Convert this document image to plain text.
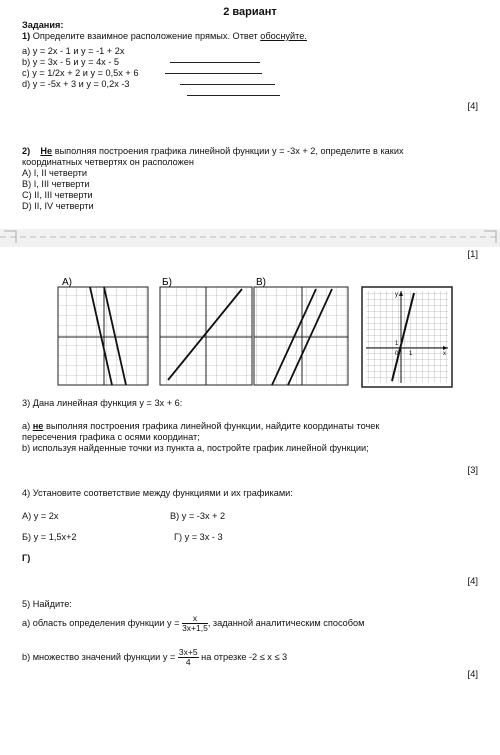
2 вариант
Задания:
1) Определите взаимное расположение прямых. Ответ обоснуйте.
a) y = 2x - 1 и y = -1 + 2x
b) y = 3x - 5 и y = 4x - 5
c) y = 1/2x + 2 и y = 0,5x + 6
d) y = -5x + 3 и y = 0,2x -3
[4]
2) Не выполняя построения графика линейной функции y = -3x + 2, определите в каких
координатных четвертях он расположен
A) I, II четверти
B) I, III четверти
C) II, III четверти
D) II, IV четверти
[1]
А)	Б)	В)
y
x
1
0 1
3) Дана линейная функция y = 3x + 6:
a) не выполняя построения графика линейной функции, найдите координаты точек
пересечения графика с осями координат;
b) используя найденные точки из пункта a, постройте график линейной функции;
[3]
4) Установите соответствие между функциями и их графиками:
A) y = 2x	B) y = -3x + 2
Б) y = 1,5x+2	Г) y = 3x - 3
Г)
[4]
5) Найдите:
а) область определения функции $y = \frac{x}{3x+1,5}$ , заданной аналитическим способом
b) множество значений функции $y = \frac{3x+5}{4}$ на отрезке -2 ≤ x ≤ 3
[4]
